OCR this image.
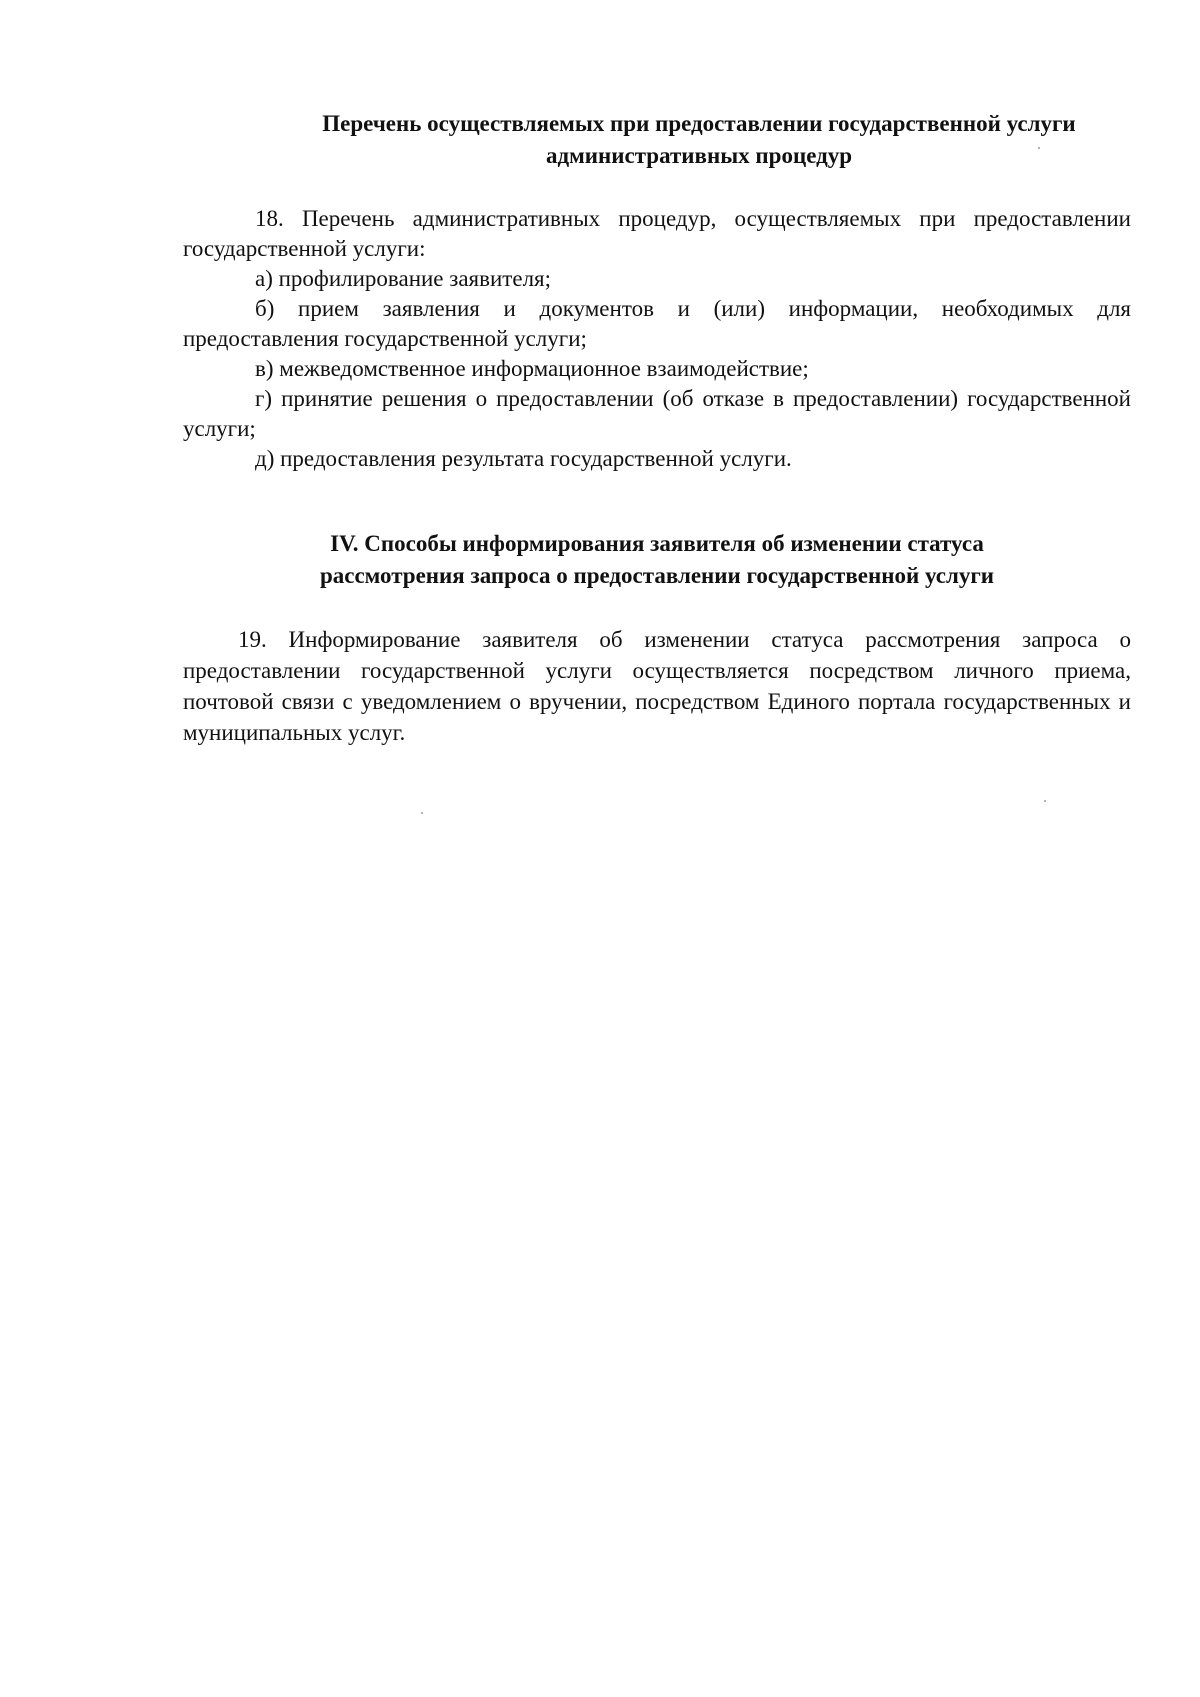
Перечень осуществляемых при предоставлении государственной услуги
административных процедур

18. Перечень административных процедур, осуществляемых при предоставлении государственной услуги:

а) профилирование заявителя;

б) прием заявления и документов и (или) информации, необходимых для предоставления государственной услуги;

в) межведомственное информационное взаимодействие;

г) принятие решения о предоставлении (об отказе в предоставлении) государственной услуги;

д) предоставления результата государственной услуги.

IV. Способы информирования заявителя об изменении статуса
рассмотрения запроса о предоставлении государственной услуги

19. Информирование заявителя об изменении статуса рассмотрения запроса о предоставлении государственной услуги осуществляется посредством личного приема, почтовой связи с уведомлением о вручении, посредством Единого портала государственных и муниципальных услуг.
